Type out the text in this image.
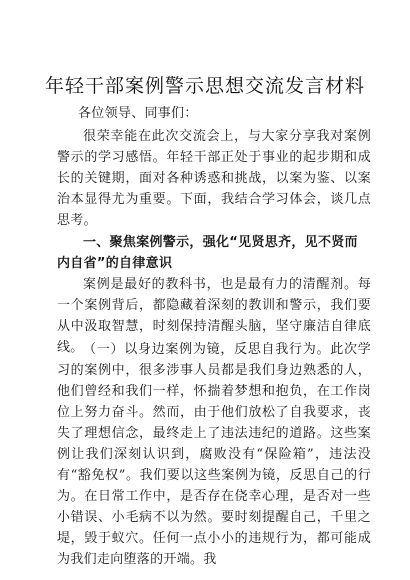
年轻干部案例警示思想交流发言材料

各位领导、同事们：

很荣幸能在此次交流会上，与大家分享我对案例警示的学习感悟。年轻干部正处于事业的起步期和成长的关键期，面对各种诱惑和挑战，以案为鉴、以案治本显得尤为重要。下面，我结合学习体会，谈几点思考。

一、聚焦案例警示，强化“见贤思齐，见不贤而内自省”的自律意识

案例是最好的教科书，也是最有力的清醒剂。每一个案例背后，都隐藏着深刻的教训和警示，我们要从中汲取智慧，时刻保持清醒头脑，坚守廉洁自律底线。 （一）以身边案例为镜，反思自我行为。此次学习的案例中，很多涉事人员都是我们身边熟悉的人，他们曾经和我们一样，怀揣着梦想和抱负，在工作岗位上努力奋斗。然而，由于他们放松了自我要求，丧失了理想信念，最终走上了违法违纪的道路。这些案例让我们深刻认识到，腐败没有“保险箱”，违法没有“豁免权”。我们要以这些案例为镜，反思自己的行为。在日常工作中，是否存在侥幸心理，是否对一些小错误、小毛病不以为然。要时刻提醒自己，千里之堤，毁于蚁穴。任何一点小小的违规行为，都可能成为我们走向堕落的开端。我
